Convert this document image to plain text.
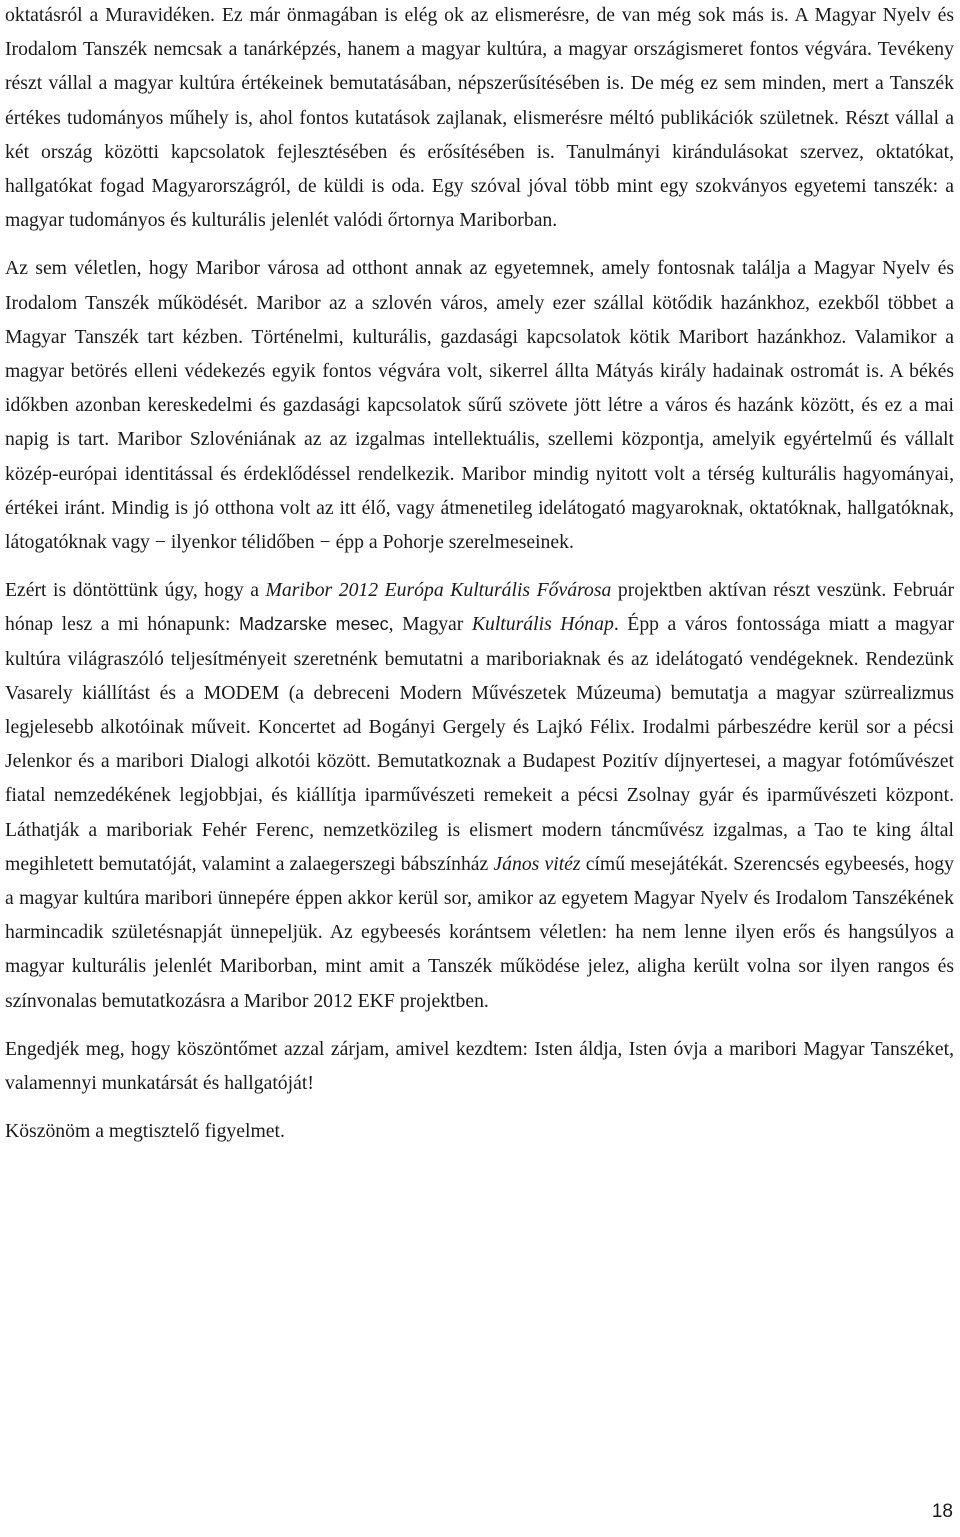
oktatásról a Muravidéken. Ez már önmagában is elég ok az elismerésre, de van még sok más is. A Magyar Nyelv és Irodalom Tanszék nemcsak a tanárképzés, hanem a magyar kultúra, a magyar országismeret fontos végvára. Tevékeny részt vállal a magyar kultúra értékeinek bemutatásában, népszerűsítésében is. De még ez sem minden, mert a Tanszék értékes tudományos műhely is, ahol fontos kutatások zajlanak, elismerésre méltó publikációk születnek. Részt vállal a két ország közötti kapcsolatok fejlesztésében és erősítésében is. Tanulmányi kirándulásokat szervez, oktatókat, hallgatókat fogad Magyarországról, de küldi is oda. Egy szóval jóval több mint egy szokványos egyetemi tanszék: a magyar tudományos és kulturális jelenlét valódi őrtornya Mariborban.
Az sem véletlen, hogy Maribor városa ad otthont annak az egyetemnek, amely fontosnak találja a Magyar Nyelv és Irodalom Tanszék működését. Maribor az a szlovén város, amely ezer szállal kötődik hazánkhoz, ezekből többet a Magyar Tanszék tart kézben. Történelmi, kulturális, gazdasági kapcsolatok kötik Maribort hazánkhoz. Valamikor a magyar betörés elleni védekezés egyik fontos végvára volt, sikerrel állta Mátyás király hadainak ostromát is. A békés időkben azonban kereskedelmi és gazdasági kapcsolatok sűrű szövete jött létre a város és hazánk között, és ez a mai napig is tart. Maribor Szlovéniának az az izgalmas intellektuális, szellemi központja, amelyik egyértelmű és vállalt közép-európai identitással és érdeklődéssel rendelkezik. Maribor mindig nyitott volt a térség kulturális hagyományai, értékei iránt. Mindig is jó otthona volt az itt élő, vagy átmenetileg idelátogató magyaroknak, oktatóknak, hallgatóknak, látogatóknak vagy − ilyenkor télidőben − épp a Pohorje szerelmeseinek.
Ezért is döntöttünk úgy, hogy a Maribor 2012 Európa Kulturális Fővárosa projektben aktívan részt veszünk. Február hónap lesz a mi hónapunk: Madzarske mesec, Magyar Kulturális Hónap. Épp a város fontossága miatt a magyar kultúra világraszóló teljesítményeit szeretnénk bemutatni a mariboriaknak és az idelátogató vendégeknek. Rendezünk Vasarely kiállítást és a MODEM (a debreceni Modern Művészetek Múzeuma) bemutatja a magyar szürrealizmus legjelesebb alkotóinak műveit. Koncertet ad Bogányi Gergely és Lajkó Félix. Irodalmi párbeszédre kerül sor a pécsi Jelenkor és a maribori Dialogi alkotói között. Bemutatkoznak a Budapest Pozitív díjnyertesei, a magyar fotóművészet fiatal nemzedékének legjobbjai, és kiállítja iparművészeti remekeit a pécsi Zsolnay gyár és iparművészeti központ. Láthatják a mariboriak Fehér Ferenc, nemzetközileg is elismert modern táncművész izgalmas, a Tao te king által megihletett bemutatóját, valamint a zalaegerszegi bábszínház János vitéz című mesejátékát. Szerencsés egybeesés, hogy a magyar kultúra maribori ünnepére éppen akkor kerül sor, amikor az egyetem Magyar Nyelv és Irodalom Tanszékének harmincadik születésnapját ünnepeljük. Az egybeesés korántsem véletlen: ha nem lenne ilyen erős és hangsúlyos a magyar kulturális jelenlét Mariborban, mint amit a Tanszék működése jelez, aligha került volna sor ilyen rangos és színvonalas bemutatkozásra a Maribor 2012 EKF projektben.
Engedjék meg, hogy köszöntőmet azzal zárjam, amivel kezdtem: Isten áldja, Isten óvja a maribori Magyar Tanszéket, valamennyi munkatársát és hallgatóját!
Köszönöm a megtisztelő figyelmet.
18
